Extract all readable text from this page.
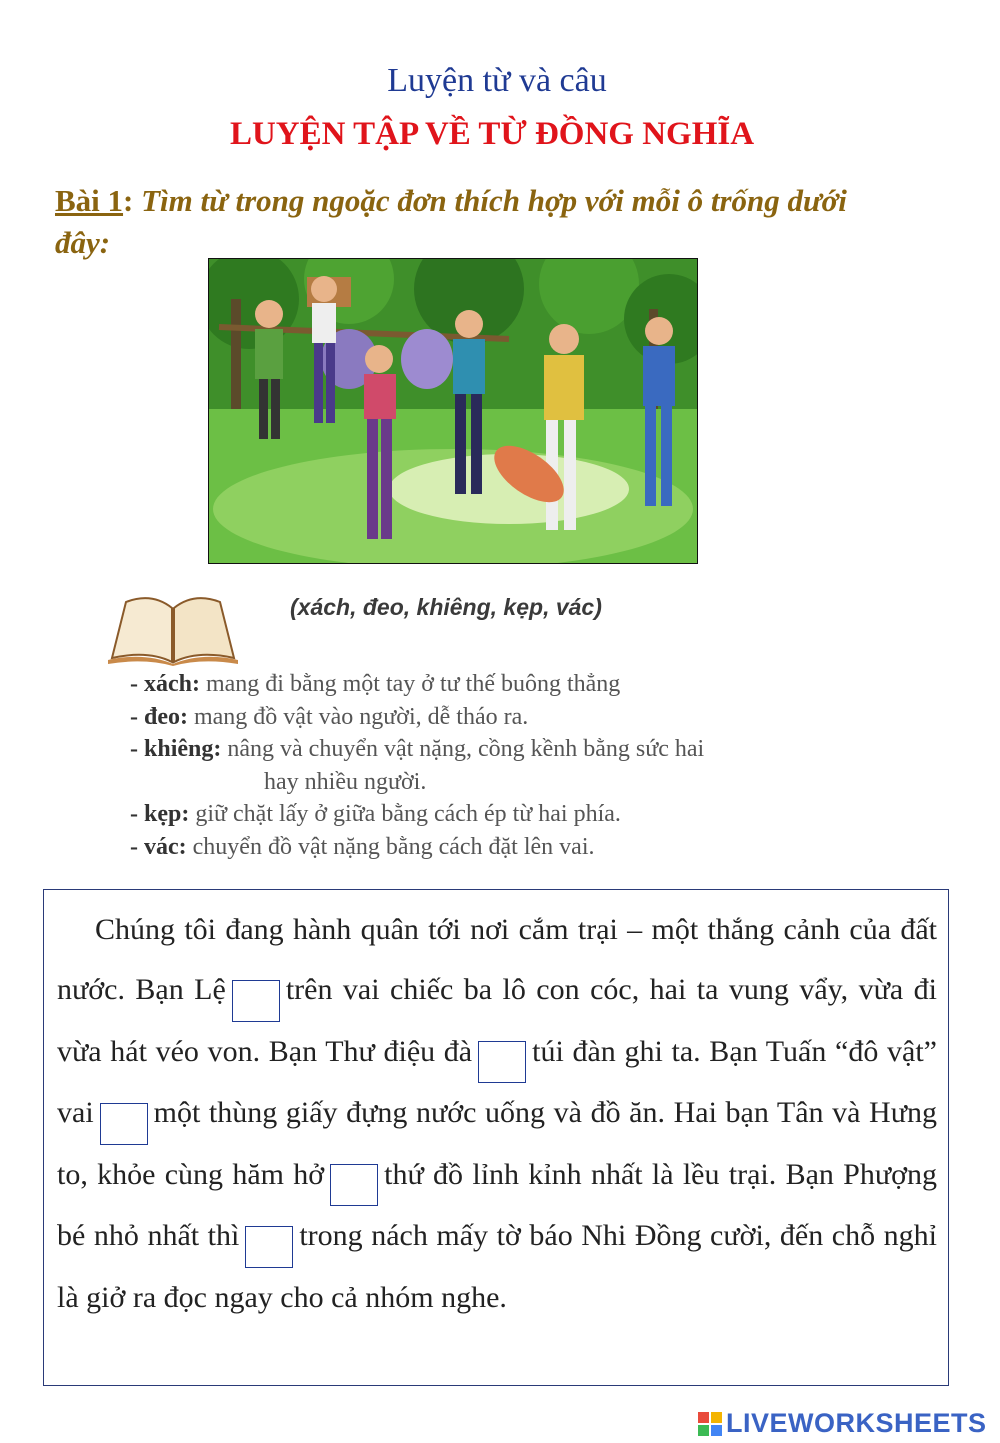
Luyện từ và câu
LUYỆN TẬP VỀ TỪ ĐỒNG NGHĨA
Bài 1: Tìm từ trong ngoặc đơn thích hợp với mỗi ô trống dưới đây:
(xách, đeo, khiêng, kẹp, vác)
- xách: mang đi bằng một tay ở tư thế buông thẳng
- đeo: mang đồ vật vào người, dễ tháo ra.
- khiêng: nâng và chuyển vật nặng, cồng kềnh bằng sức hai
hay nhiều người.
- kẹp: giữ chặt lấy ở giữa bằng cách ép từ hai phía.
- vác: chuyển đồ vật nặng bằng cách đặt lên vai.

Chúng tôi đang hành quân tới nơi cắm trại – một thắng cảnh của đất nước. Bạn Lệ trên vai chiếc ba lô con cóc, hai ta vung vẩy, vừa đi vừa hát véo von. Bạn Thư điệu đà túi đàn ghi ta. Bạn Tuấn “đô vật” vai một thùng giấy đựng nước uống và đồ ăn. Hai bạn Tân và Hưng to, khỏe cùng hăm hở thứ đồ lỉnh kỉnh nhất là lều trại. Bạn Phượng bé nhỏ nhất thì trong nách mấy tờ báo Nhi Đồng cười, đến chỗ nghỉ là giở ra đọc ngay cho cả nhóm nghe.

LIVEWORKSHEETS
